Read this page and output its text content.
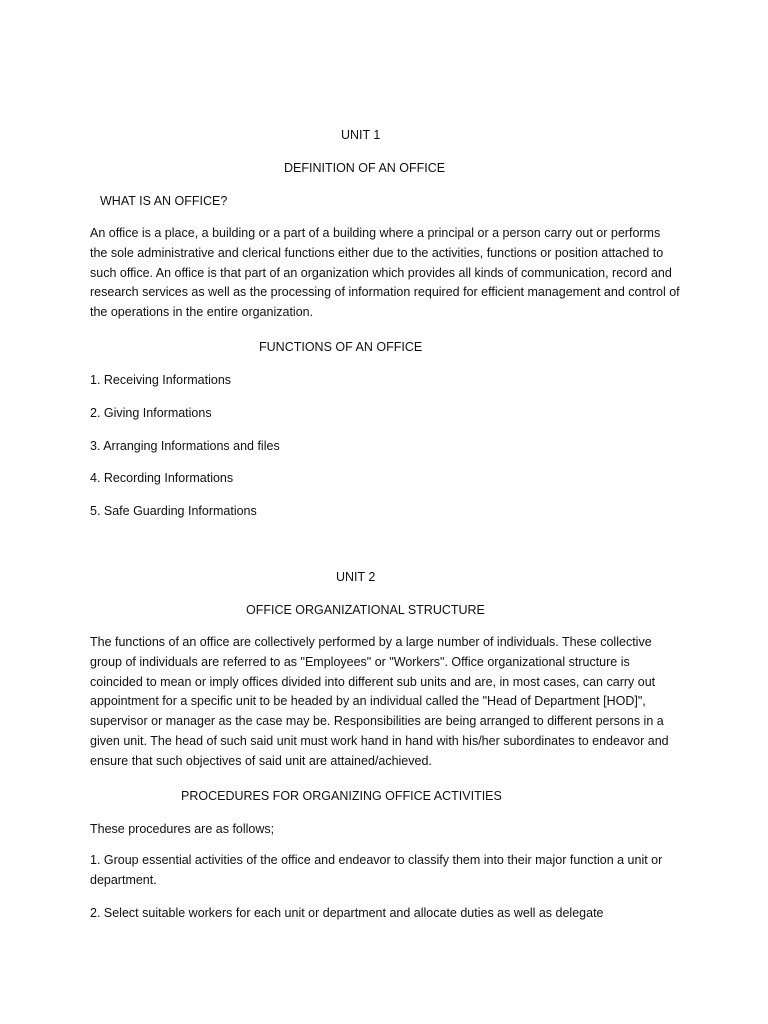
UNIT 1
DEFINITION OF AN OFFICE
WHAT IS AN OFFICE?
An office is a place, a building or a part of a building where a principal or a person carry out or performs the sole administrative and clerical functions either due to the activities, functions or position attached to such office. An office is that part of an organization which provides all kinds of communication, record and research services as well as the processing of information required for efficient management and control of the operations in the entire organization.
FUNCTIONS OF AN OFFICE
1. Receiving Informations
2. Giving Informations
3. Arranging Informations and files
4. Recording Informations
5. Safe Guarding Informations
UNIT 2
OFFICE ORGANIZATIONAL STRUCTURE
The functions of an office are collectively performed by a large number of individuals. These collective group of individuals are referred to as "Employees" or "Workers". Office organizational structure is coincided to mean or imply offices divided into different sub units and are, in most cases, can carry out appointment for a specific unit to be headed by an individual called the "Head of Department [HOD]", supervisor or manager as the case may be. Responsibilities are being arranged to different persons in a given unit. The head of such said unit must work hand in hand with his/her subordinates to endeavor and ensure that such objectives of said unit are attained/achieved.
PROCEDURES FOR ORGANIZING OFFICE ACTIVITIES
These procedures are as follows;
1. Group essential activities of the office and endeavor to classify them into their major function a unit or department.
2. Select suitable workers for each unit or department and allocate duties as well as delegate
